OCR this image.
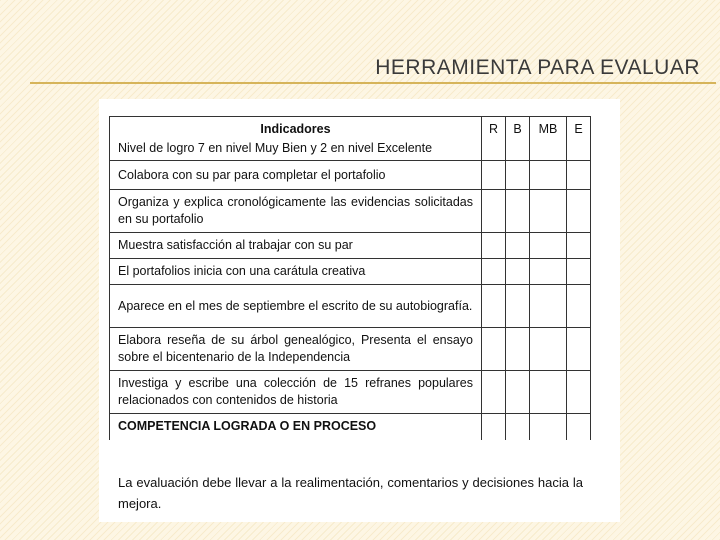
HERRAMIENTA PARA EVALUAR
Indicadores
Nivel de logro 7 en nivel Muy Bien y 2 en nivel Excelente	R	B	MB	E
Colabora con su par para completar el portafolio				
Organiza y explica cronológicamente las evidencias solicitadas en su portafolio				
Muestra satisfacción al trabajar con su par				
El portafolios inicia con una carátula creativa				
Aparece en el mes de septiembre el escrito de su autobiografía.				
Elabora reseña de su árbol genealógico, Presenta el ensayo sobre el bicentenario de la Independencia				
Investiga y escribe una colección de 15 refranes populares relacionados con contenidos de historia				
COMPETENCIA LOGRADA O EN PROCESO				
La evaluación debe llevar a la realimentación, comentarios y decisiones hacia la mejora.
